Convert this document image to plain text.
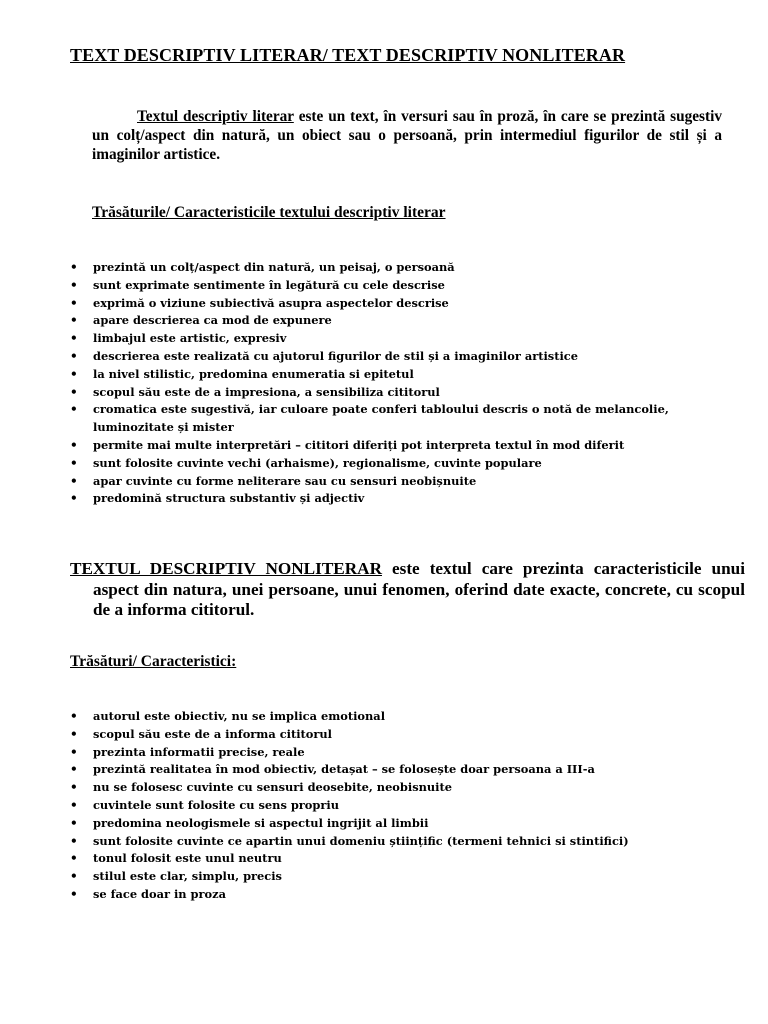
TEXT DESCRIPTIV LITERAR/ TEXT DESCRIPTIV NONLITERAR

Textul descriptiv literar este un text, în versuri sau în proză, în care se prezintă sugestiv un colț/aspect din natură, un obiect sau o persoană, prin intermediul figurilor de stil și a imaginilor artistice.

Trăsăturile/ Caracteristicile textului descriptiv literar
• prezintă un colț/aspect din natură, un peisaj, o persoană
• sunt exprimate sentimente în legătură cu cele descrise
• exprimă o viziune subiectivă asupra aspectelor descrise
• apare descrierea ca mod de expunere
• limbajul este artistic, expresiv
• descrierea este realizată cu ajutorul figurilor de stil și a imaginilor artistice
• la nivel stilistic, predomina enumeratia si epitetul
• scopul său este de a impresiona, a sensibiliza cititorul
• cromatica este sugestivă, iar culoare poate conferi tabloului descris o notă de melancolie, luminozitate și mister
• permite mai multe interpretări – cititori diferiți pot interpreta textul în mod diferit
• sunt folosite cuvinte vechi (arhaisme), regionalisme, cuvinte populare
• apar cuvinte cu forme neliterare sau cu sensuri neobișnuite
• predomină structura substantiv și adjectiv

TEXTUL DESCRIPTIV NONLITERAR este textul care prezinta caracteristicile unui aspect din natura, unei persoane, unui fenomen, oferind date exacte, concrete, cu scopul de a informa cititorul.

Trăsături/ Caracteristici:
• autorul este obiectiv, nu se implica emotional
• scopul său este de a informa cititorul
• prezinta informatii precise, reale
• prezintă realitatea în mod obiectiv, detașat – se folosește doar persoana a III-a
• nu se folosesc cuvinte cu sensuri deosebite, neobisnuite
• cuvintele sunt folosite cu sens propriu
• predomina neologismele si aspectul ingrijit al limbii
• sunt folosite cuvinte ce apartin unui domeniu științific (termeni tehnici si stintifici)
• tonul folosit este unul neutru
• stilul este clar, simplu, precis
• se face doar in proza
